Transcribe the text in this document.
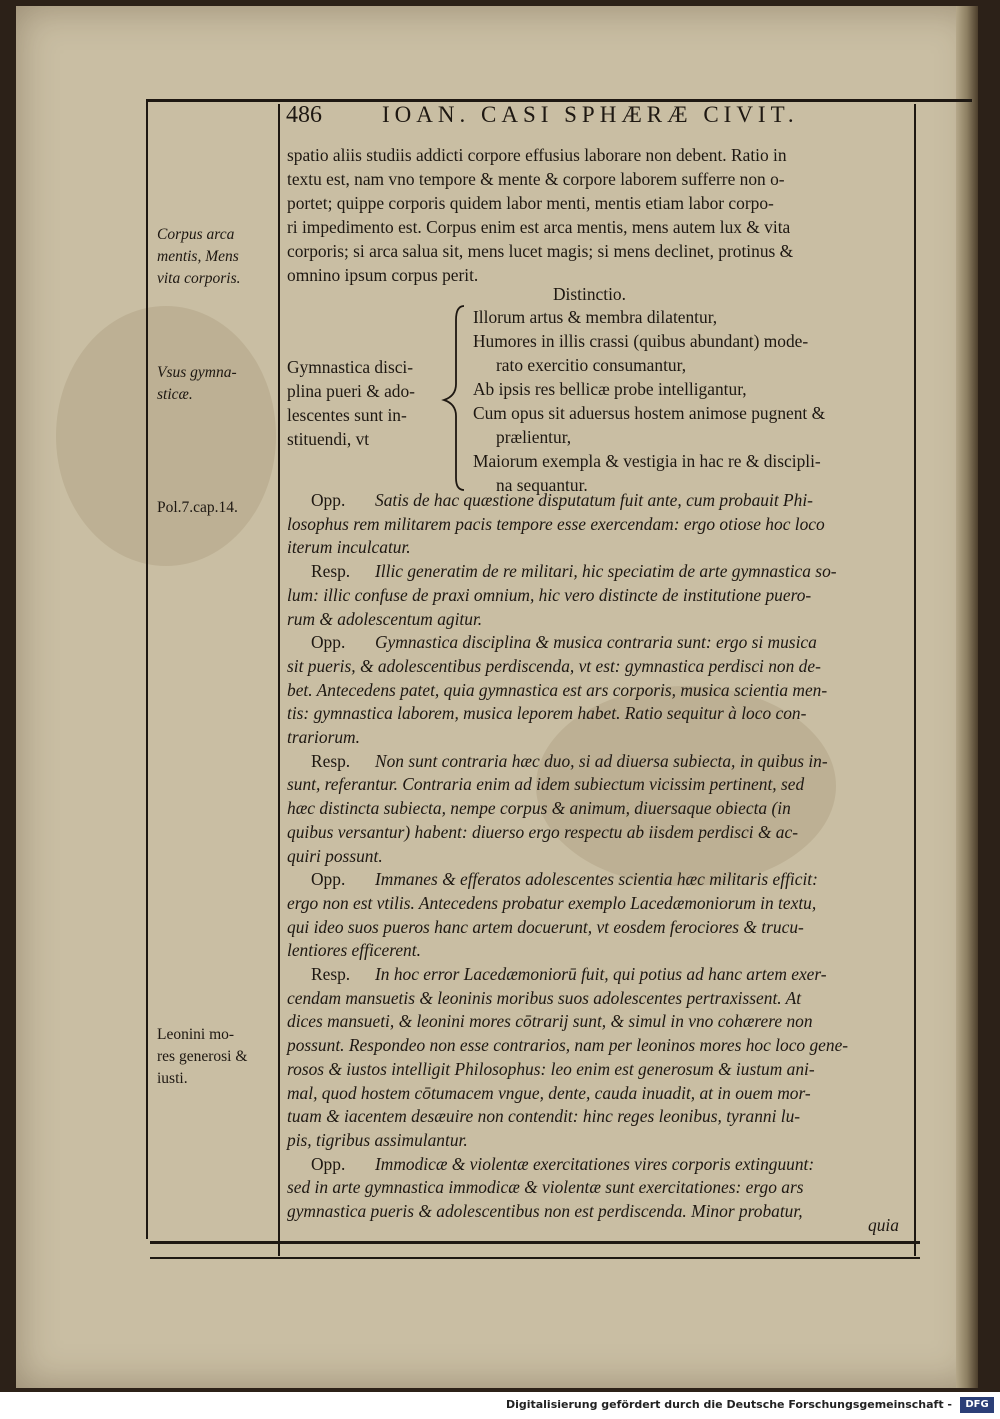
486	IOAN. CASI SPHÆRÆ CIVIT.
Corpus arca
mentis, Mens
vita corporis.
Vsus gymna-
sticæ.
Pol.7.cap.14.
Leonini mo-
res generosi &
iusti.
spatio aliis studiis addicti corpore effusius laborare non debent. Ratio in
textu est, nam vno tempore & mente & corpore laborem sufferre non o-
portet; quippe corporis quidem labor menti, mentis etiam labor corpo-
ri impedimento est. Corpus enim est arca mentis, mens autem lux & vita
corporis; si arca salua sit, mens lucet magis; si mens declinet, protinus &
omnino ipsum corpus perit.
Distinctio.
Gymnastica disci-
plina pueri & ado-
lescentes sunt in-
stituendi, vt
Illorum artus & membra dilatentur,
Humores in illis crassi (quibus abundant) mode-
rato exercitio consumantur,
Ab ipsis res bellicæ probe intelligantur,
Cum opus sit aduersus hostem animose pugnent &
prælientur,
Maiorum exempla & vestigia in hac re & discipli-
na sequantur.
Opp. Satis de hac quæstione disputatum fuit ante, cum probauit Phi-
losophus rem militarem pacis tempore esse exercendam: ergo otiose hoc loco
iterum inculcatur.
Resp. Illic generatim de re militari, hic speciatim de arte gymnastica so-
lum: illic confuse de praxi omnium, hic vero distincte de institutione puero-
rum & adolescentum agitur.
Opp. Gymnastica disciplina & musica contraria sunt: ergo si musica
sit pueris, & adolescentibus perdiscenda, vt est: gymnastica perdisci non de-
bet. Antecedens patet, quia gymnastica est ars corporis, musica scientia men-
tis: gymnastica laborem, musica leporem habet. Ratio sequitur à loco con-
trariorum.
Resp. Non sunt contraria hæc duo, si ad diuersa subiecta, in quibus in-
sunt, referantur. Contraria enim ad idem subiectum vicissim pertinent, sed
hæc distincta subiecta, nempe corpus & animum, diuersaque obiecta (in
quibus versantur) habent: diuerso ergo respectu ab iisdem perdisci & ac-
quiri possunt.
Opp. Immanes & efferatos adolescentes scientia hæc militaris efficit:
ergo non est vtilis. Antecedens probatur exemplo Lacedæmoniorum in textu,
qui ideo suos pueros hanc artem docuerunt, vt eosdem ferociores & trucu-
lentiores efficerent.
Resp. In hoc error Lacedæmoniorū fuit, qui potius ad hanc artem exer-
cendam mansuetis & leoninis moribus suos adolescentes pertraxissent. At
dices mansueti, & leonini mores cōtrarij sunt, & simul in vno cohærere non
possunt. Respondeo non esse contrarios, nam per leoninos mores hoc loco gene-
rosos & iustos intelligit Philosophus: leo enim est generosum & iustum ani-
mal, quod hostem cōtumacem vngue, dente, cauda inuadit, at in ouem mor-
tuam & iacentem desæuire non contendit: hinc reges leonibus, tyranni lu-
pis, tigribus assimulantur.
Opp. Immodicæ & violentæ exercitationes vires corporis extinguunt:
sed in arte gymnastica immodicæ & violentæ sunt exercitationes: ergo ars
gymnastica pueris & adolescentibus non est perdiscenda. Minor probatur,
quia
Digitalisierung gefördert durch die Deutsche Forschungsgemeinschaft -	DFG
